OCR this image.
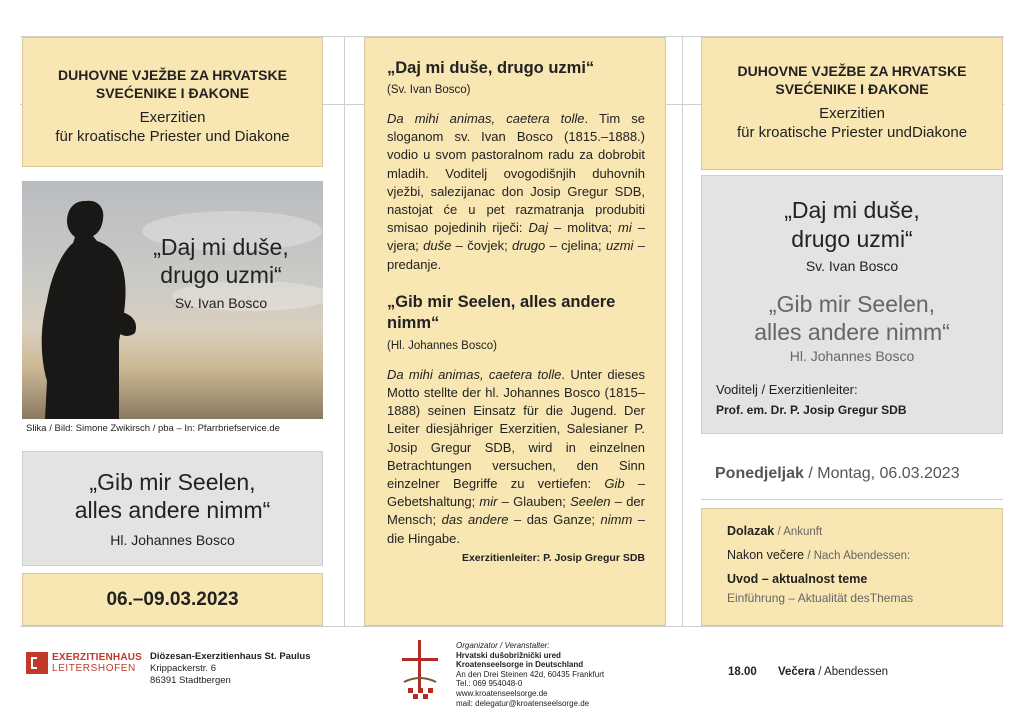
DUHOVNE VJEŽBE ZA HRVATSKE
SVEĆENIKE I ĐAKONE
Exerzitien
für kroatische Priester und Diakone
„Daj mi duše,
drugo uzmi“
Sv. Ivan Bosco
Slika / Bild: Simone Zwikirsch / pba – In: Pfarrbriefservice.de
„Gib mir Seelen,
alles andere nimm“
Hl. Johannes Bosco
06.–09.03.2023
„Daj mi duše, drugo uzmi“
(Sv. Ivan Bosco)
Da mihi animas, caetera tolle. Tim se sloganom sv. Ivan Bosco (1815.–1888.) vodio u svom pastoralnom radu za dobrobit mladih. Voditelj ovogodišnjih duhovnih vježbi, salezijanac don Josip Gregur SDB, nastojat će u pet razmatranja produbiti smisao pojedinih riječi: Daj – molitva; mi – vjera; duše – čovjek; drugo – cjelina; uzmi – predanje.
„Gib mir Seelen, alles andere nimm“
(Hl. Johannes Bosco)
Da mihi animas, caetera tolle. Unter dieses Motto stellte der hl. Johannes Bosco (1815–1888) seinen Einsatz für die Jugend. Der Leiter diesjähriger Exerzitien, Salesianer P. Josip Gregur SDB, wird in einzelnen Betrachtungen versuchen, den Sinn einzelner Begriffe zu vertiefen: Gib – Gebetshaltung; mir – Glauben; Seelen – der Mensch; das andere – das Ganze; nimm – die Hingabe.
Exerzitienleiter: P. Josip Gregur SDB
DUHOVNE VJEŽBE ZA HRVATSKE
SVEĆENIKE I ĐAKONE
Exerzitien
für kroatische Priester undDiakone
„Daj mi duše,
drugo uzmi“
Sv. Ivan Bosco
„Gib mir Seelen,
alles andere nimm“
Hl. Johannes Bosco
Voditelj / Exerzitienleiter:
Prof. em. Dr. P. Josip Gregur SDB
Ponedjeljak / Montag, 06.03.2023
Dolazak / Ankunft
Nakon večere / Nach Abendessen:
Uvod – aktualnost teme
Einführung – Aktualität desThemas
EXERZITIENHAUS
LEITERSHOFEN
Diözesan-Exerzitienhaus St. Paulus
Krippackerstr. 6
86391 Stadtbergen
Organizator / Veranstalter:
Hrvatski dušobrižnički ured
Kroatenseelsorge in Deutschland
An den Drei Steinen 42d, 60435 Frankfurt
Tel.: 069 954048-0
www.kroatenseelsorge.de
mail: delegatur@kroatenseelsorge.de
18.00 Večera / Abendessen
